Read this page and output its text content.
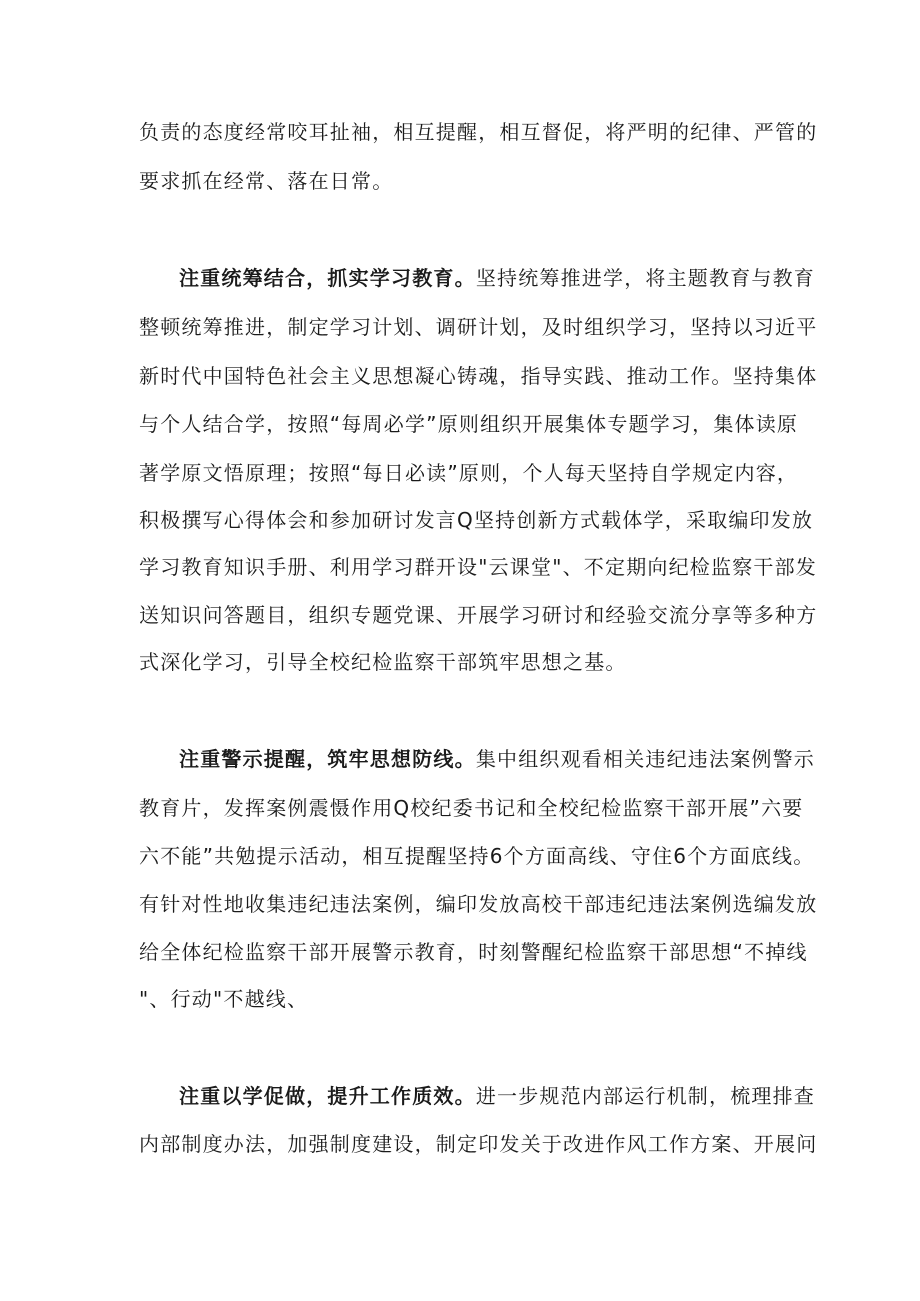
负责的态度经常咬耳扯袖，相互提醒，相互督促，将严明的纪律、严管的
要求抓在经常、落在日常。
注重统筹结合，抓实学习教育。坚持统筹推进学，将主题教育与教育
整顿统筹推进，制定学习计划、调研计划，及时组织学习，坚持以习近平
新时代中国特色社会主义思想凝心铸魂，指导实践、推动工作。坚持集体
与个人结合学，按照“每周必学”原则组织开展集体专题学习，集体读原
著学原文悟原理；按照“每日必读”原则，个人每天坚持自学规定内容，
积极撰写心得体会和参加研讨发言Q坚持创新方式载体学，采取编印发放
学习教育知识手册、利用学习群开设"云课堂"、不定期向纪检监察干部发
送知识问答题目，组织专题党课、开展学习研讨和经验交流分享等多种方
式深化学习，引导全校纪检监察干部筑牢思想之基。
注重警示提醒，筑牢思想防线。集中组织观看相关违纪违法案例警示
教育片，发挥案例震慑作用Q校纪委书记和全校纪检监察干部开展”六要
六不能”共勉提示活动，相互提醒坚持6个方面高线、守住6个方面底线。
有针对性地收集违纪违法案例，编印发放高校干部违纪违法案例选编发放
给全体纪检监察干部开展警示教育，时刻警醒纪检监察干部思想“不掉线
"、行动"不越线、
注重以学促做，提升工作质效。进一步规范内部运行机制，梳理排查
内部制度办法，加强制度建设，制定印发关于改进作风工作方案、开展问
